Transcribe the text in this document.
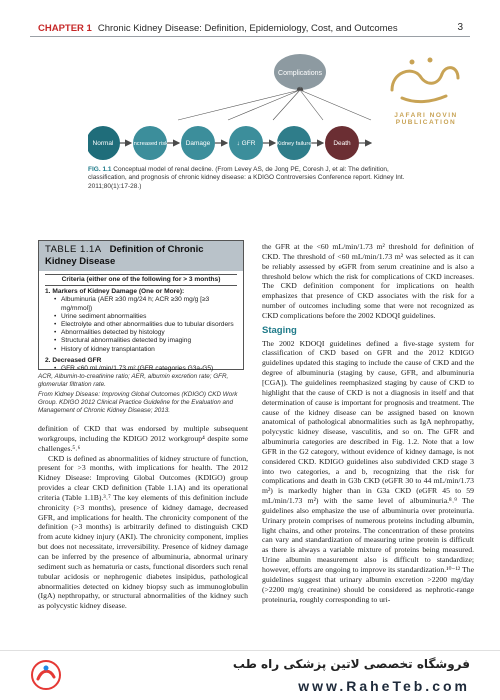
CHAPTER 1 Chronic Kidney Disease: Definition, Epidemiology, Cost, and Outcomes	3
Complications
Normal	Increased risk	Damage	↓ GFR	Kidney failure	Death
FIG. 1.1 Conceptual model of renal decline. (From Levey AS, de Jong PE, Coresh J, et al: The definition, classification, and prognosis of chronic kidney disease: a KDIGO Controversies Conference report. Kidney Int. 2011;80(1):17-28.)
JAFARI NOVIN PUBLICATION
TABLE 1.1A Definition of Chronic Kidney Disease
Criteria (either one of the following for > 3 months)
1. Markers of Kidney Damage (One or More):
• Albuminuria (AER ≥30 mg/24 h; ACR ≥30 mg/g [≥3 mg/mmol])
• Urine sediment abnormalities
• Electrolyte and other abnormalities due to tubular disorders
• Abnormalities detected by histology
• Structural abnormalities detected by imaging
• History of kidney transplantation
2. Decreased GFR
• GFR <60 mL/min/1.73 m² (GFR categories G3a-G5)

ACR, Albumin-to-creatinine ratio; AER, albumin excretion rate; GFR, glomerular filtration rate.

From Kidney Disease: Improving Global Outcomes (KDIGO) CKD Work Group. KDIGO 2012 Clinical Practice Guideline for the Evaluation and Management of Chronic Kidney Disease; 2013.

definition of CKD that was endorsed by multiple subsequent workgroups, including the KDIGO 2012 workgroup⁴ despite some challenges.⁵˒⁶

CKD is defined as abnormalities of kidney structure of function, present for >3 months, with implications for health. The 2012 Kidney Disease: Improving Global Outcomes (KDIGO) group provides a clear CKD definition (Table 1.1A) and its operational criteria (Table 1.1B).³˒⁷ The key elements of this definition include chronicity (>3 months), presence of kidney damage, decreased GFR, and implications for health. The chronicity component of the definition (>3 months) is arbitrarily defined to distinguish CKD from acute kidney injury (AKI). The chronicity component, implies but does not necessitate, irreversibility. Presence of kidney damage can be inferred by the presence of albuminuria, abnormal urinary sediment such as hematuria or casts, functional disorders such renal tubular acidosis or nephrogenic diabetes insipidus, pathological abnormalities detected on kidney biopsy such as immunoglobulin (IgA) nepthropathy, or structural abnormalities of the kidney such as polycystic kidney disease.

the GFR at the <60 mL/min/1.73 m² threshold for definition of CKD. The threshold of <60 mL/min/1.73 m² was selected as it can be reliably assessed by eGFR from serum creatinine and is also a threshold below which the risk for complications of CKD increases. The CKD definition component for implications on health emphasizes that presence of CKD associates with the risk for a number of outcomes including some that were not recognized as CKD complications before the 2002 KDOQI guidelines.

Staging

The 2002 KDOQI guidelines defined a five-stage system for classification of CKD based on GFR and the 2012 KDIGO guidelines updated this staging to include the cause of CKD and the degree of albuminuria (staging by cause, GFR, and albuminuria [CGA]). The guidelines reemphasized staging by cause of CKD to highlight that the cause of CKD is not a diagnosis in itself and that determination of cause is important for prognosis and treatment. The cause of the kidney disease can be assigned based on known anatomical of pathological abnormalities such as IgA nephropathy, polycystic kidney disease, vasculitis, and so on. The GFR and albuminuria categories are described in Fig. 1.2. Note that a low GFR in the G2 category, without evidence of kidney damage, is not considered CKD. KDIGO guidelines also subdivided CKD stage 3 into two categories, a and b, recognizing that the risk for complications and death in G3b CKD (eGFR 30 to 44 mL/min/1.73 m²) is markedly higher than in G3a CKD (eGFR 45 to 59 mL/min/1.73 m²) with the same level of albuminuria.⁸˒⁹ The guidelines also emphasize the use of albuminuria over proteinuria. Urinary protein comprises of numerous proteins including albumin, light chains, and other proteins. The concentration of these proteins can vary and standardization of measuring urine protein is difficult as there is always a variable mixture of proteins being measured. Urine albumin measurement also is difficult to standardize; however, efforts are ongoing to improve its standardization.¹⁰⁻¹² The guidelines suggest that urinary albumin excretion >2200 mg/day (>2200 mg/g creatinine) should be considered as nephrotic-range proteinuria, roughly corresponding to uri-

فروشگاه تخصصی لاتین پزشکی راه طب
www.RaheTeb.com
